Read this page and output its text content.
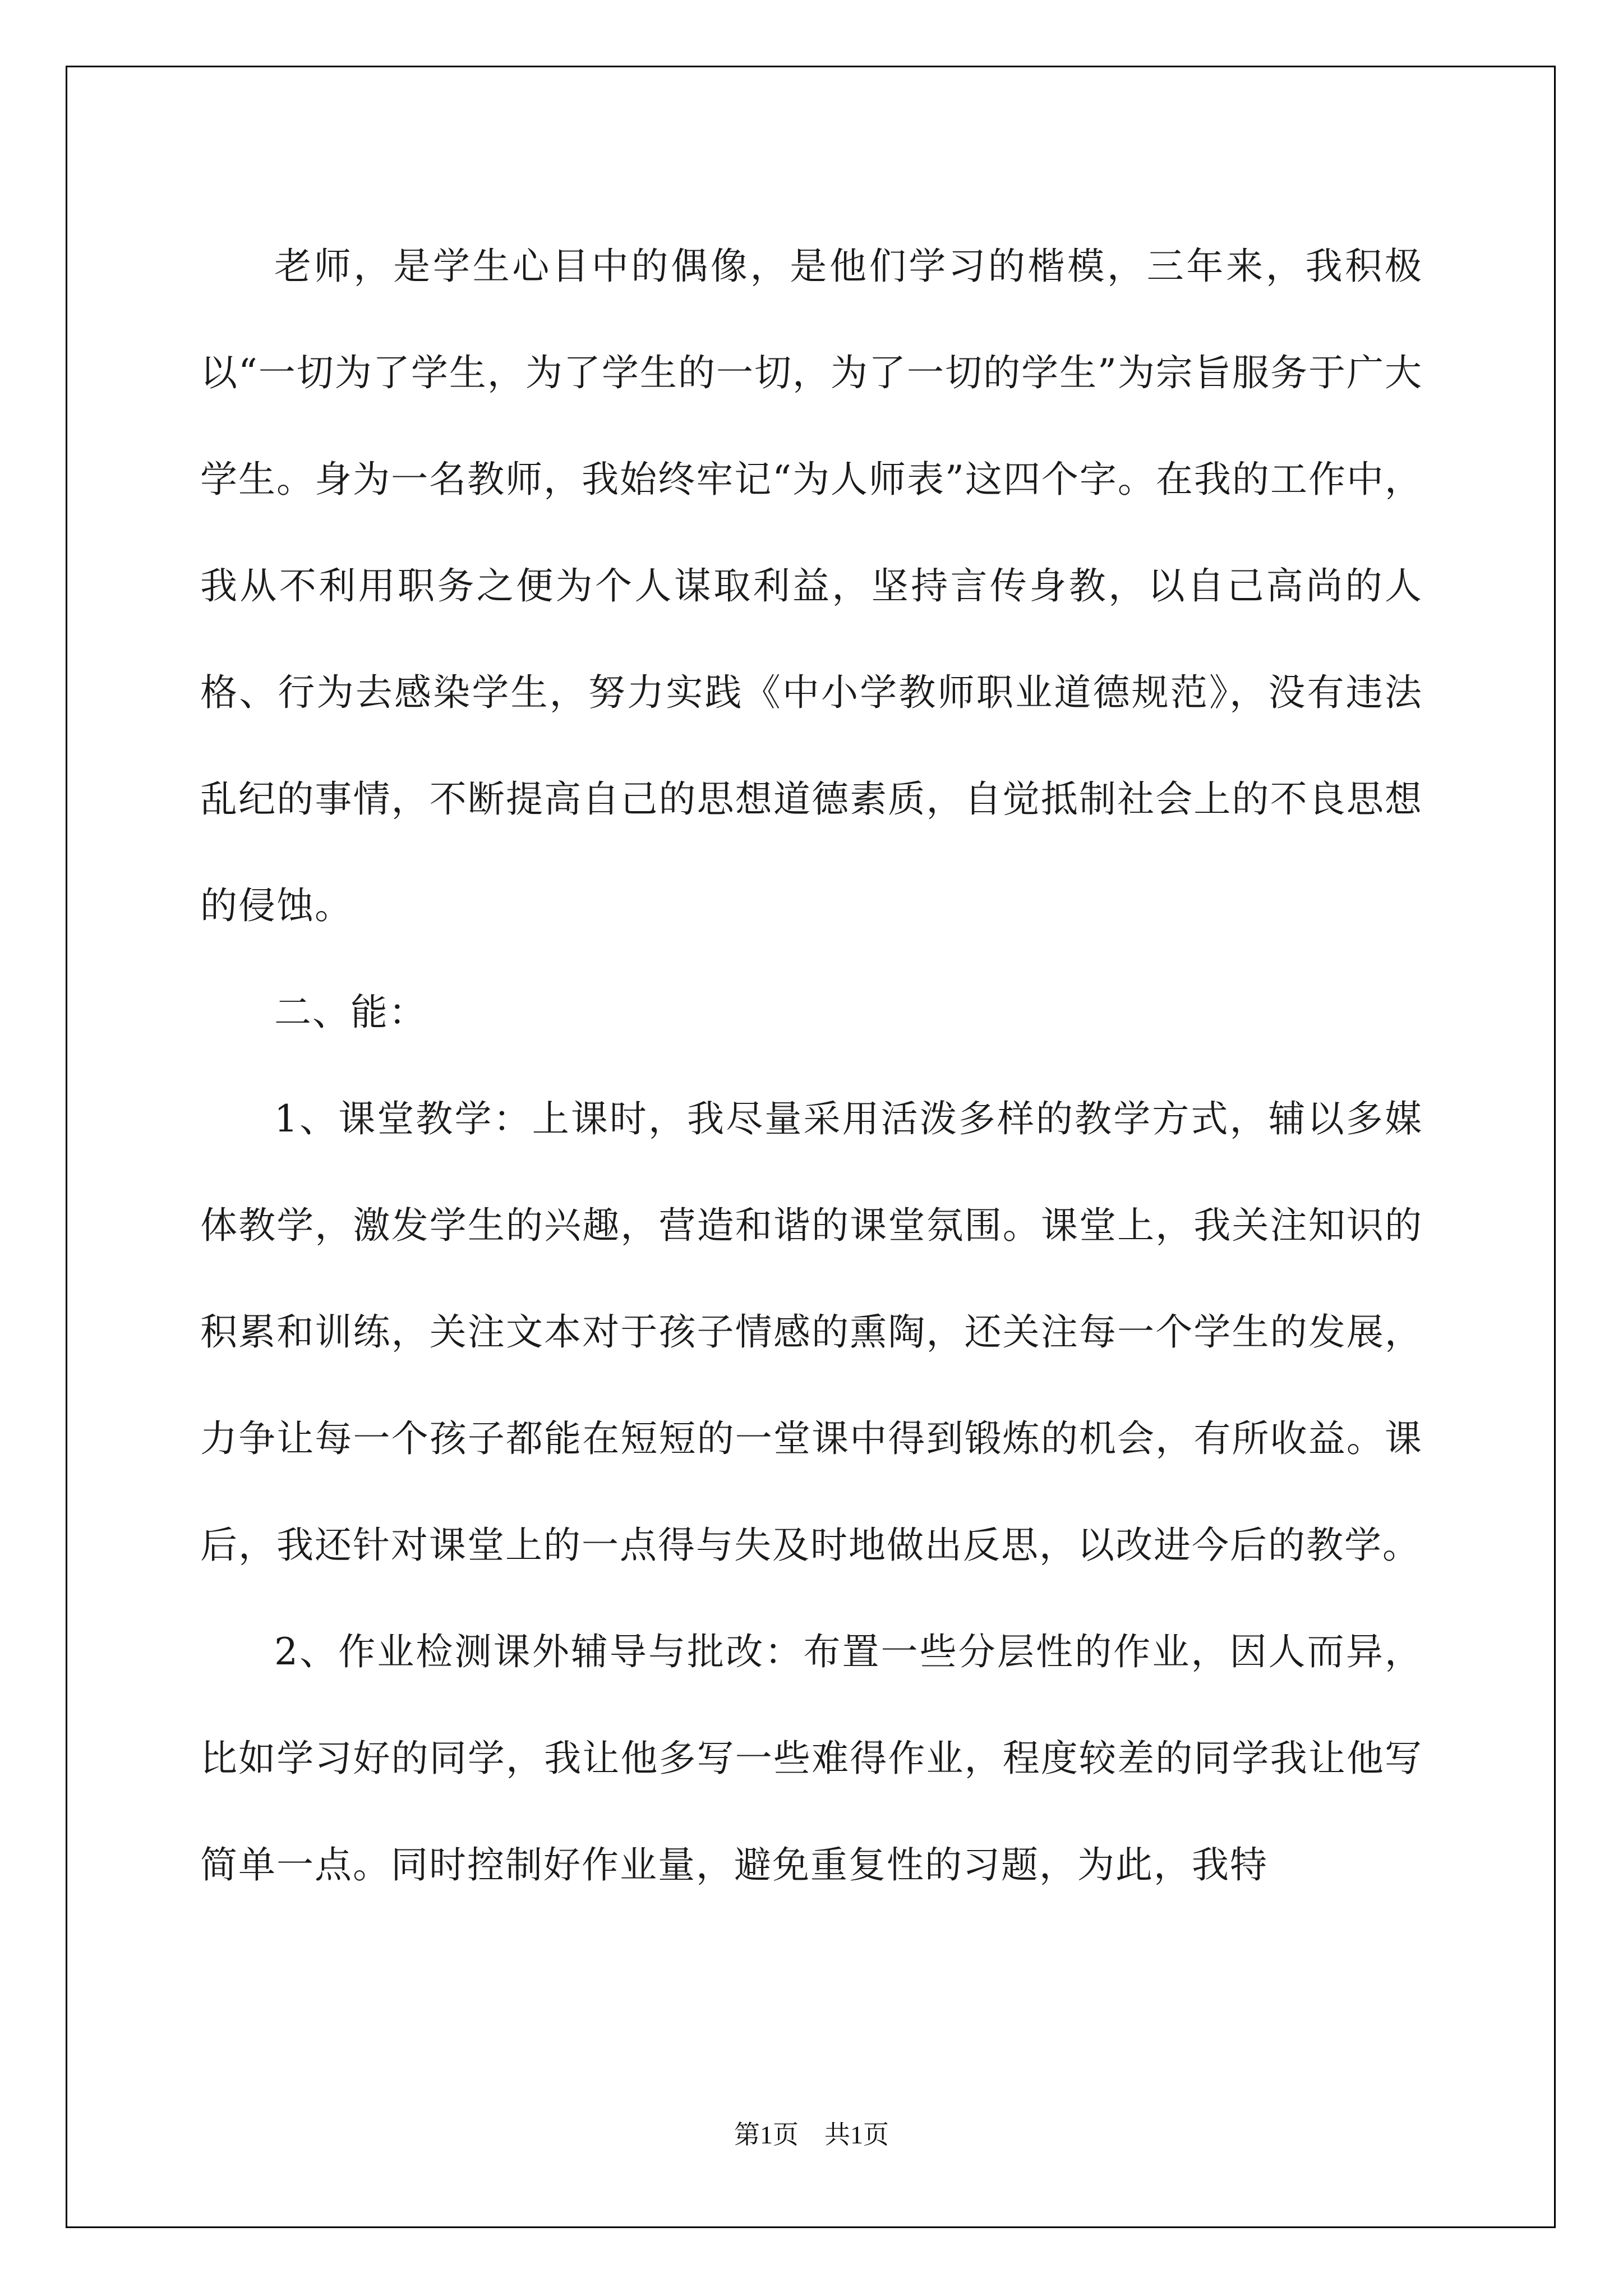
老师，是学生心目中的偶像，是他们学习的楷模，三年来，我积极以“一切为了学生，为了学生的一切，为了一切的学生”为宗旨服务于广大学生。身为一名教师，我始终牢记“为人师表”这四个字。在我的工作中，我从不利用职务之便为个人谋取利益，坚持言传身教，以自己高尚的人格、行为去感染学生，努力实践《中小学教师职业道德规范》，没有违法乱纪的事情，不断提高自己的思想道德素质，自觉抵制社会上的不良思想的侵蚀。

二、能：

1、课堂教学：上课时，我尽量采用活泼多样的教学方式，辅以多媒体教学，激发学生的兴趣，营造和谐的课堂氛围。课堂上，我关注知识的积累和训练，关注文本对于孩子情感的熏陶，还关注每一个学生的发展，力争让每一个孩子都能在短短的一堂课中得到锻炼的机会，有所收益。课后，我还针对课堂上的一点得与失及时地做出反思，以改进今后的教学。

2、作业检测课外辅导与批改：布置一些分层性的作业，因人而异，比如学习好的同学，我让他多写一些难得作业，程度较差的同学我让他写简单一点。同时控制好作业量，避免重复性的习题，为此，我特

第1页 共1页
